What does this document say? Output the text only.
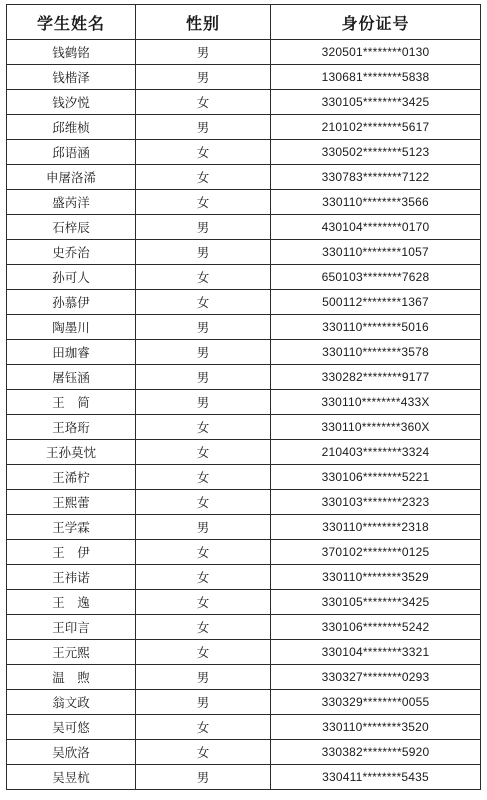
学生姓名	性别	身份证号
钱鹤铭	男	320501********0130
钱楷泽	男	130681********5838
钱汐悦	女	330105********3425
邱维桢	男	210102********5617
邱语涵	女	330502********5123
申屠洛浠	女	330783********7122
盛芮洋	女	330110********3566
石梓辰	男	430104********0170
史乔治	男	330110********1057
孙可人	女	650103********7628
孙慕伊	女	500112********1367
陶墨川	男	330110********5016
田珈睿	男	330110********3578
屠钰涵	男	330282********9177
王　简	男	330110********433X
王珞珩	女	330110********360X
王孙莫忱	女	210403********3324
王浠柠	女	330106********5221
王熙蕾	女	330103********2323
王学霖	男	330110********2318
王　伊	女	370102********0125
王祎诺	女	330110********3529
王　逸	女	330105********3425
王印言	女	330106********5242
王元熙	女	330104********3321
温　煦	男	330327********0293
翁文政	男	330329********0055
吴可悠	女	330110********3520
吴欣洛	女	330382********5920
吴昱杭	男	330411********5435
